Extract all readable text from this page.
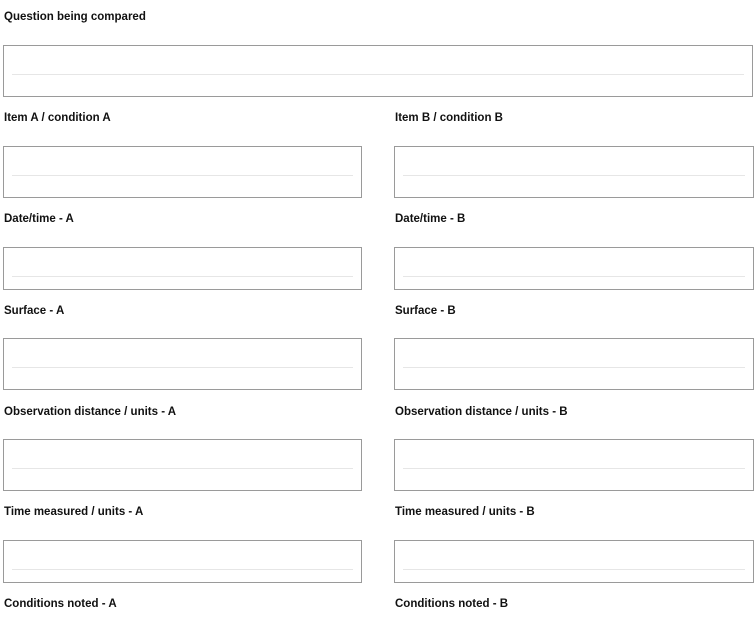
Question being compared
Item A / condition A	Item B / condition B
Date/time - A	Date/time - B
Surface - A	Surface - B
Observation distance / units - A	Observation distance / units - B
Time measured / units - A	Time measured / units - B
Conditions noted - A	Conditions noted - B
